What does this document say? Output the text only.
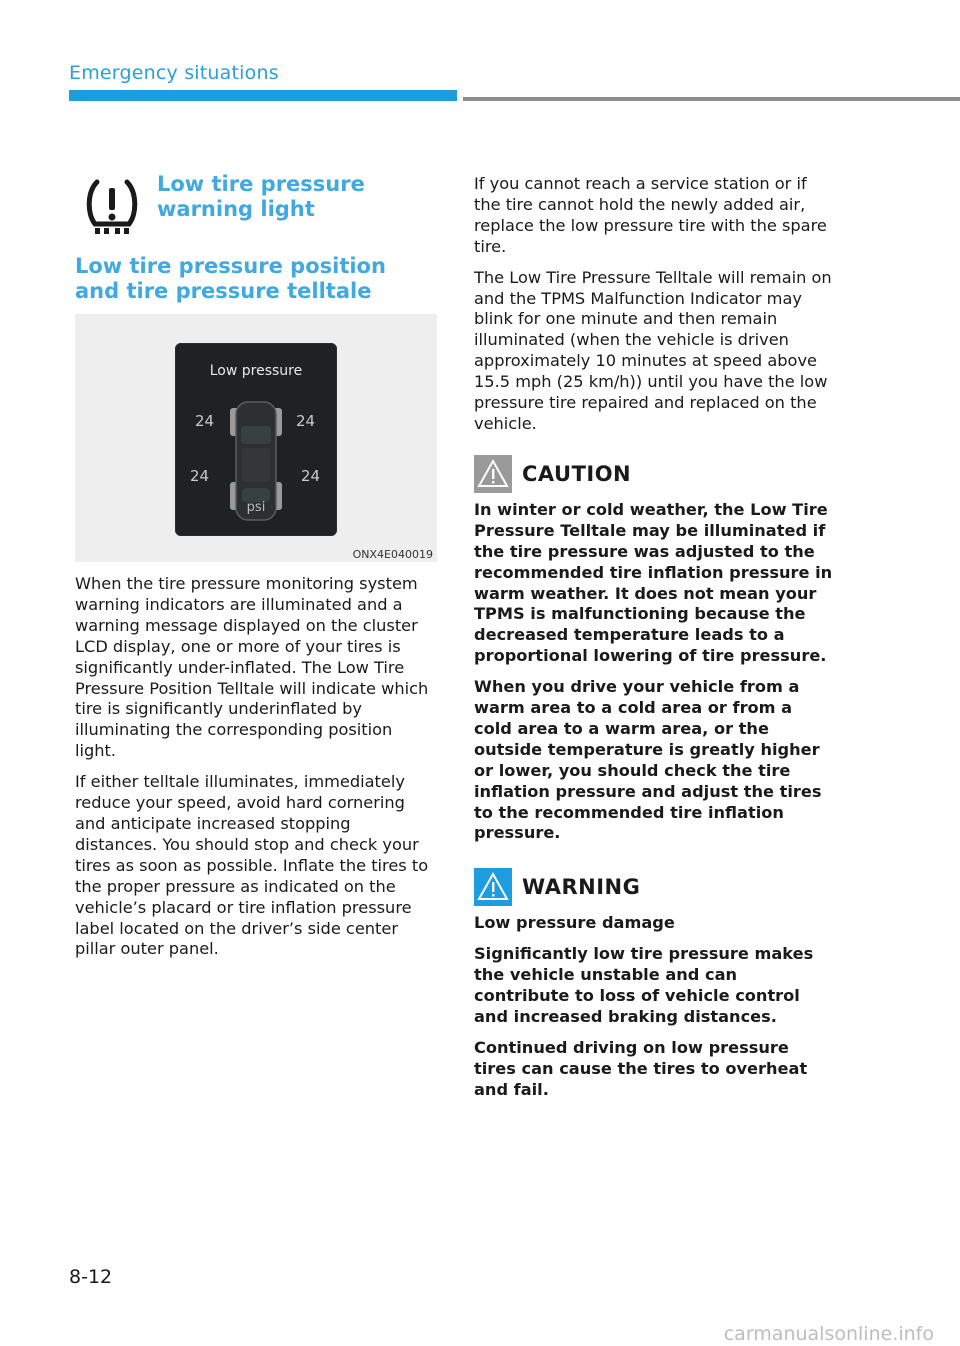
Emergency situations
Low tire pressure warning light
Low tire pressure position and tire pressure telltale
Low pressure
24	24
24	24
psi
ONX4E040019

When the tire pressure monitoring system warning indicators are illuminated and a warning message displayed on the cluster LCD display, one or more of your tires is significantly under-inflated. The Low Tire Pressure Position Telltale will indicate which tire is significantly underinflated by illuminating the corresponding position light.

If either telltale illuminates, immediately reduce your speed, avoid hard cornering and anticipate increased stopping distances. You should stop and check your tires as soon as possible. Inflate the tires to the proper pressure as indicated on the vehicle’s placard or tire inflation pressure label located on the driver’s side center pillar outer panel.

If you cannot reach a service station or if the tire cannot hold the newly added air, replace the low pressure tire with the spare tire.

The Low Tire Pressure Telltale will remain on and the TPMS Malfunction Indicator may blink for one minute and then remain illuminated (when the vehicle is driven approximately 10 minutes at speed above 15.5 mph (25 km/h)) until you have the low pressure tire repaired and replaced on the vehicle.

CAUTION

In winter or cold weather, the Low Tire Pressure Telltale may be illuminated if the tire pressure was adjusted to the recommended tire inflation pressure in warm weather. It does not mean your TPMS is malfunctioning because the decreased temperature leads to a proportional lowering of tire pressure.

When you drive your vehicle from a warm area to a cold area or from a cold area to a warm area, or the outside temperature is greatly higher or lower, you should check the tire inflation pressure and adjust the tires to the recommended tire inflation pressure.

WARNING

Low pressure damage

Significantly low tire pressure makes the vehicle unstable and can contribute to loss of vehicle control and increased braking distances.

Continued driving on low pressure tires can cause the tires to overheat and fail.

8-12
carmanualsonline.info
